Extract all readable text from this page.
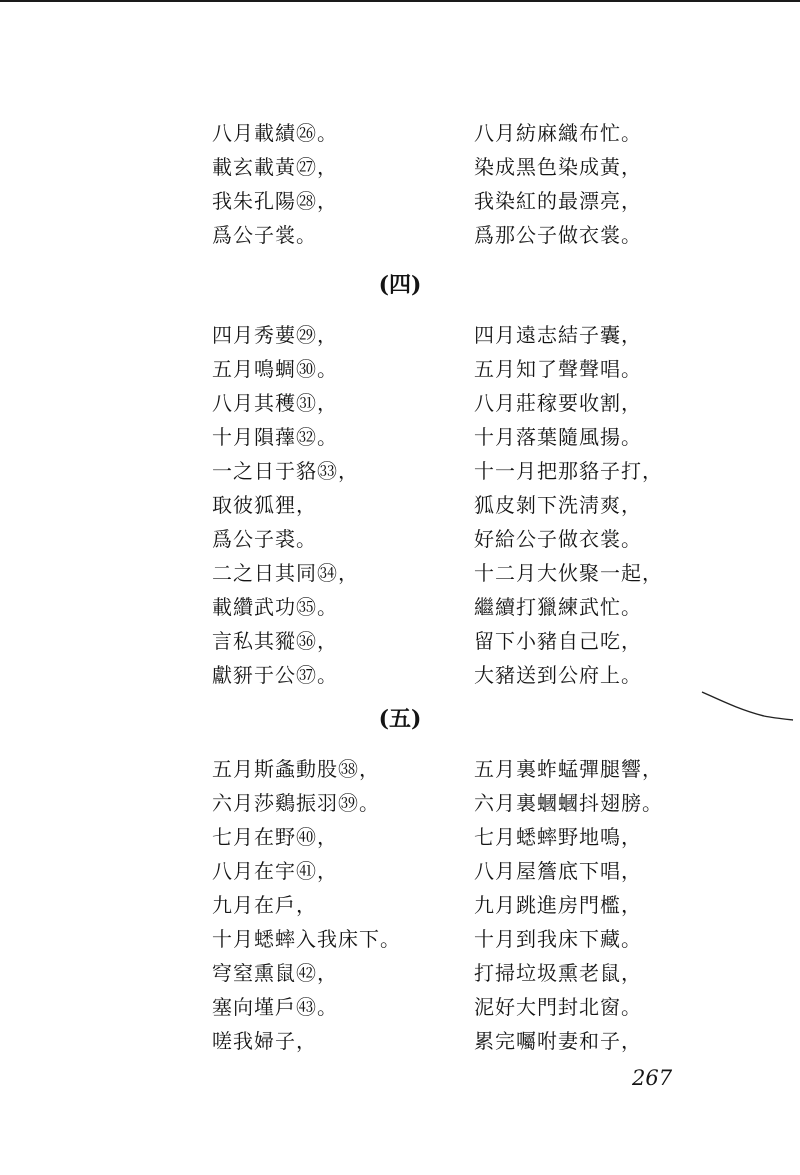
八月載績㉖。	八月紡麻織布忙。
載玄載黃㉗，	染成黑色染成黃，
我朱孔陽㉘，	我染紅的最漂亮，
爲公子裳。	爲那公子做衣裳。
(四)
四月秀葽㉙，	四月遠志結子囊，
五月鳴蜩㉚。	五月知了聲聲唱。
八月其穫㉛，	八月莊稼要收割，
十月隕蘀㉜。	十月落葉隨風揚。
一之日于貉㉝，	十一月把那貉子打，
取彼狐狸，	狐皮剝下洗淸爽，
爲公子裘。	好給公子做衣裳。
二之日其同㉞，	十二月大伙聚一起，
載纘武功㉟。	繼續打獵練武忙。
言私其豵㊱，	留下小豬自己吃，
獻豜于公㊲。	大豬送到公府上。
(五)
五月斯螽動股㊳，	五月裏蚱蜢彈腿響，
六月莎鷄振羽㊴。	六月裏蟈蟈抖翅膀。
七月在野㊵，	七月蟋蟀野地鳴，
八月在宇㊶，	八月屋簷底下唱，
九月在戶，	九月跳進房門檻，
十月蟋蟀入我床下。	十月到我床下藏。
穹窒熏鼠㊷，	打掃垃圾熏老鼠，
塞向墐戶㊸。	泥好大門封北窗。
嗟我婦子，	累完囑咐妻和子，
267
